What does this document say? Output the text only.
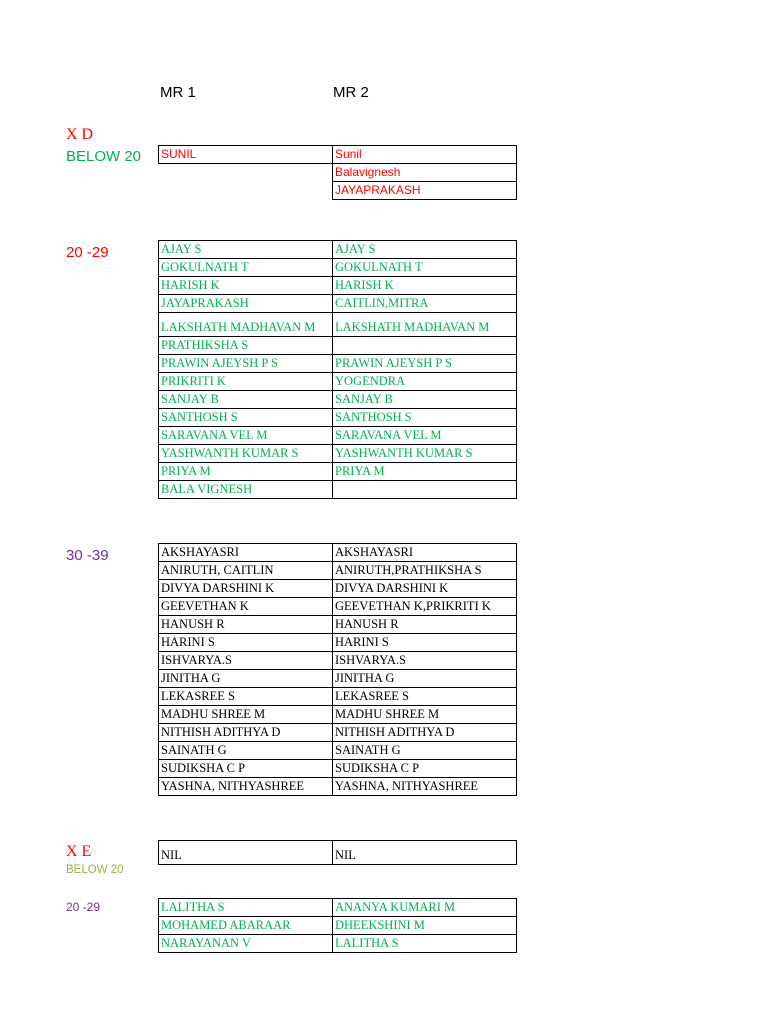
MR 1	MR 2
X D
BELOW 20 SUNIL	Sunil
	Balavignesh
	JAYAPRAKASH
20 -29	AJAY S	AJAY S
GOKULNATH T	GOKULNATH T
HARISH K	HARISH K
JAYAPRAKASH	CAITLIN,MITRA
LAKSHATH MADHAVAN M	LAKSHATH MADHAVAN M
PRATHIKSHA S	
PRAWIN AJEYSH P S	PRAWIN AJEYSH P S
PRIKRITI K	YOGENDRA
SANJAY B	SANJAY B
SANTHOSH S	SANTHOSH S
SARAVANA VEL M	SARAVANA VEL M
YASHWANTH KUMAR S	YASHWANTH KUMAR S
PRIYA M	PRIYA M
BALA VIGNESH	
30 -39	AKSHAYASRI	AKSHAYASRI
ANIRUTH, CAITLIN	ANIRUTH,PRATHIKSHA S
DIVYA DARSHINI K	DIVYA DARSHINI K
GEEVETHAN K	GEEVETHAN K,PRIKRITI K
HANUSH R	HANUSH R
HARINI S	HARINI S
ISHVARYA.S	ISHVARYA.S
JINITHA G	JINITHA G
LEKASREE S	LEKASREE S
MADHU SHREE M	MADHU SHREE M
NITHISH ADITHYA D	NITHISH ADITHYA D
SAINATH G	SAINATH G
SUDIKSHA C P	SUDIKSHA C P
YASHNA, NITHYASHREE	YASHNA, NITHYASHREE
X E
BELOW 20
NIL	NIL
20 -29	LALITHA S	ANANYA KUMARI M
MOHAMED ABARAAR	DHEEKSHINI M
NARAYANAN V	LALITHA S
